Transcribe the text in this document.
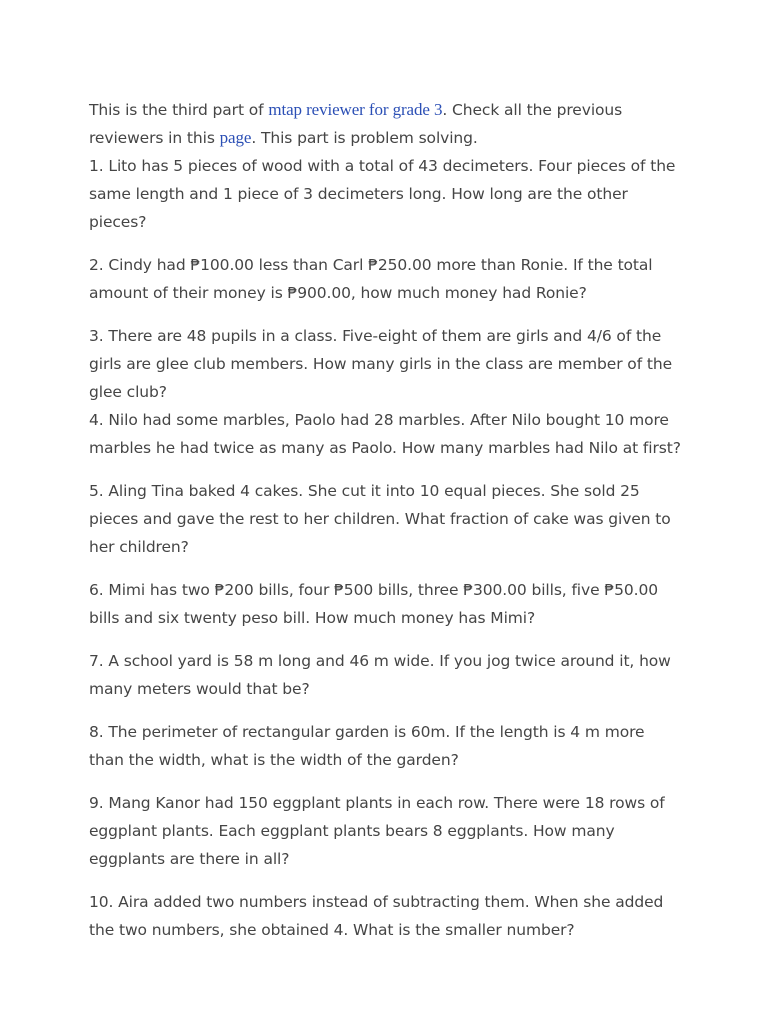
This is the third part of mtap reviewer for grade 3. Check all the previous reviewers in this page. This part is problem solving.

1. Lito has 5 pieces of wood with a total of 43 decimeters. Four pieces of the same length and 1 piece of 3 decimeters long. How long are the other pieces?

2. Cindy had ₱100.00 less than Carl ₱250.00 more than Ronie. If the total amount of their money is ₱900.00, how much money had Ronie?

3. There are 48 pupils in a class. Five-eight of them are girls and 4/6 of the girls are glee club members. How many girls in the class are member of the glee club?

4. Nilo had some marbles, Paolo had 28 marbles. After Nilo bought 10 more marbles he had twice as many as Paolo. How many marbles had Nilo at first?

5. Aling Tina baked 4 cakes. She cut it into 10 equal pieces. She sold 25 pieces and gave the rest to her children. What fraction of cake was given to her children?

6. Mimi has two ₱200 bills, four ₱500 bills, three ₱300.00 bills, five ₱50.00 bills and six twenty peso bill. How much money has Mimi?

7. A school yard is 58 m long and 46 m wide. If you jog twice around it, how many meters would that be?

8. The perimeter of rectangular garden is 60m. If the length is 4 m more than the width, what is the width of the garden?

9. Mang Kanor had 150 eggplant plants in each row. There were 18 rows of eggplant plants. Each eggplant plants bears 8 eggplants. How many eggplants are there in all?

10. Aira added two numbers instead of subtracting them. When she added the two numbers, she obtained 4. What is the smaller number?
